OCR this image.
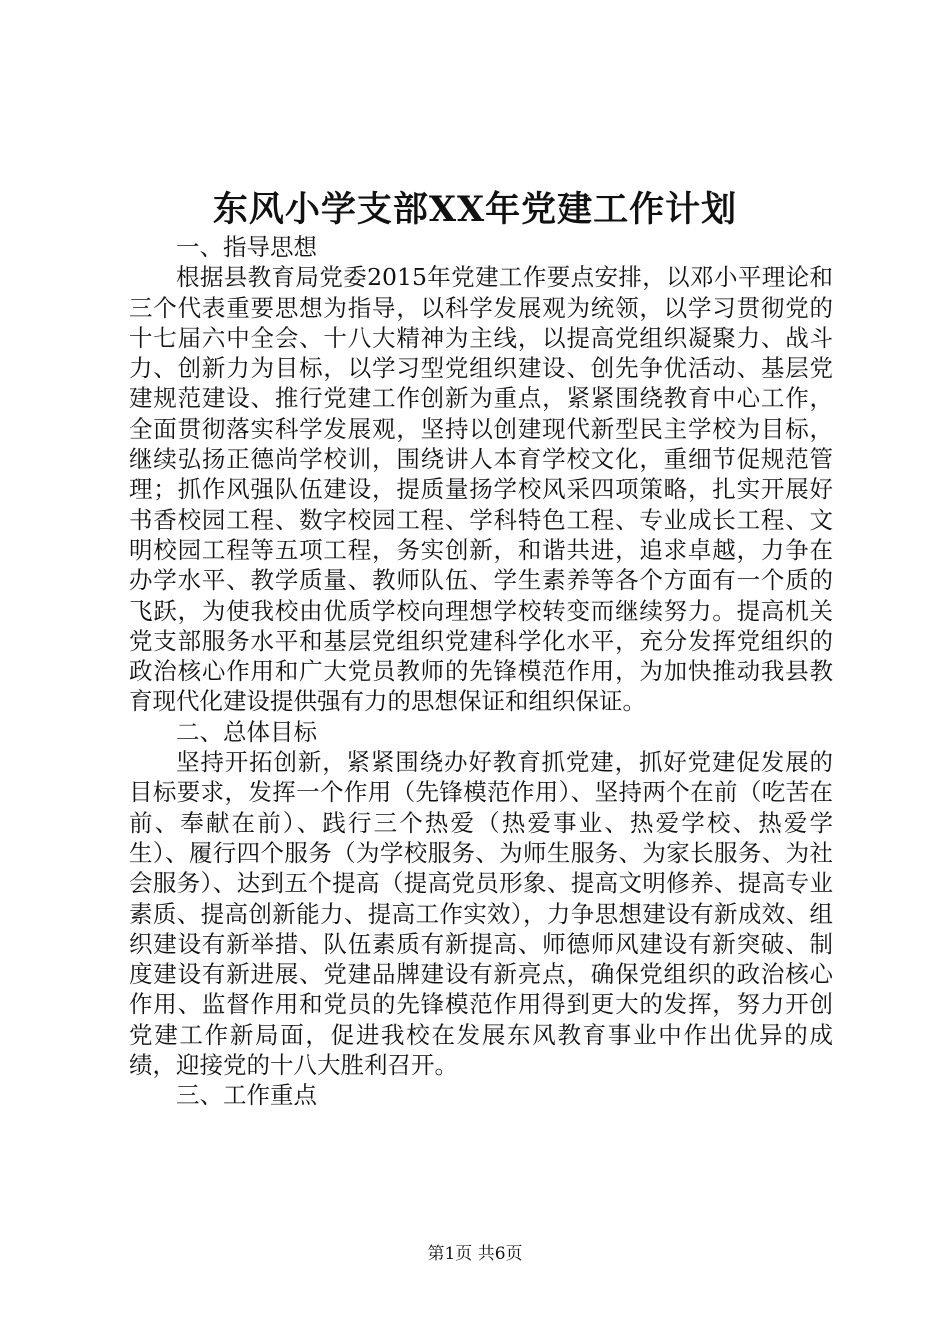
东风小学支部XX年党建工作计划

一、指导思想

根据县教育局党委2015年党建工作要点安排，以邓小平理论和三个代表重要思想为指导，以科学发展观为统领，以学习贯彻党的十七届六中全会、十八大精神为主线，以提高党组织凝聚力、战斗力、创新力为目标，以学习型党组织建设、创先争优活动、基层党建规范建设、推行党建工作创新为重点，紧紧围绕教育中心工作，全面贯彻落实科学发展观，坚持以创建现代新型民主学校为目标，继续弘扬正德尚学校训，围绕讲人本育学校文化，重细节促规范管理；抓作风强队伍建设，提质量扬学校风采四项策略，扎实开展好书香校园工程、数字校园工程、学科特色工程、专业成长工程、文明校园工程等五项工程，务实创新，和谐共进，追求卓越，力争在办学水平、教学质量、教师队伍、学生素养等各个方面有一个质的飞跃，为使我校由优质学校向理想学校转变而继续努力。提高机关党支部服务水平和基层党组织党建科学化水平，充分发挥党组织的政治核心作用和广大党员教师的先锋模范作用，为加快推动我县教育现代化建设提供强有力的思想保证和组织保证。

二、总体目标

坚持开拓创新，紧紧围绕办好教育抓党建，抓好党建促发展的目标要求，发挥一个作用（先锋模范作用）、坚持两个在前（吃苦在前、奉献在前）、践行三个热爱（热爱事业、热爱学校、热爱学生）、履行四个服务（为学校服务、为师生服务、为家长服务、为社会服务）、达到五个提高（提高党员形象、提高文明修养、提高专业素质、提高创新能力、提高工作实效），力争思想建设有新成效、组织建设有新举措、队伍素质有新提高、师德师风建设有新突破、制度建设有新进展、党建品牌建设有新亮点，确保党组织的政治核心作用、监督作用和党员的先锋模范作用得到更大的发挥，努力开创党建工作新局面，促进我校在发展东风教育事业中作出优异的成绩，迎接党的十八大胜利召开。

三、工作重点

第1页 共6页
